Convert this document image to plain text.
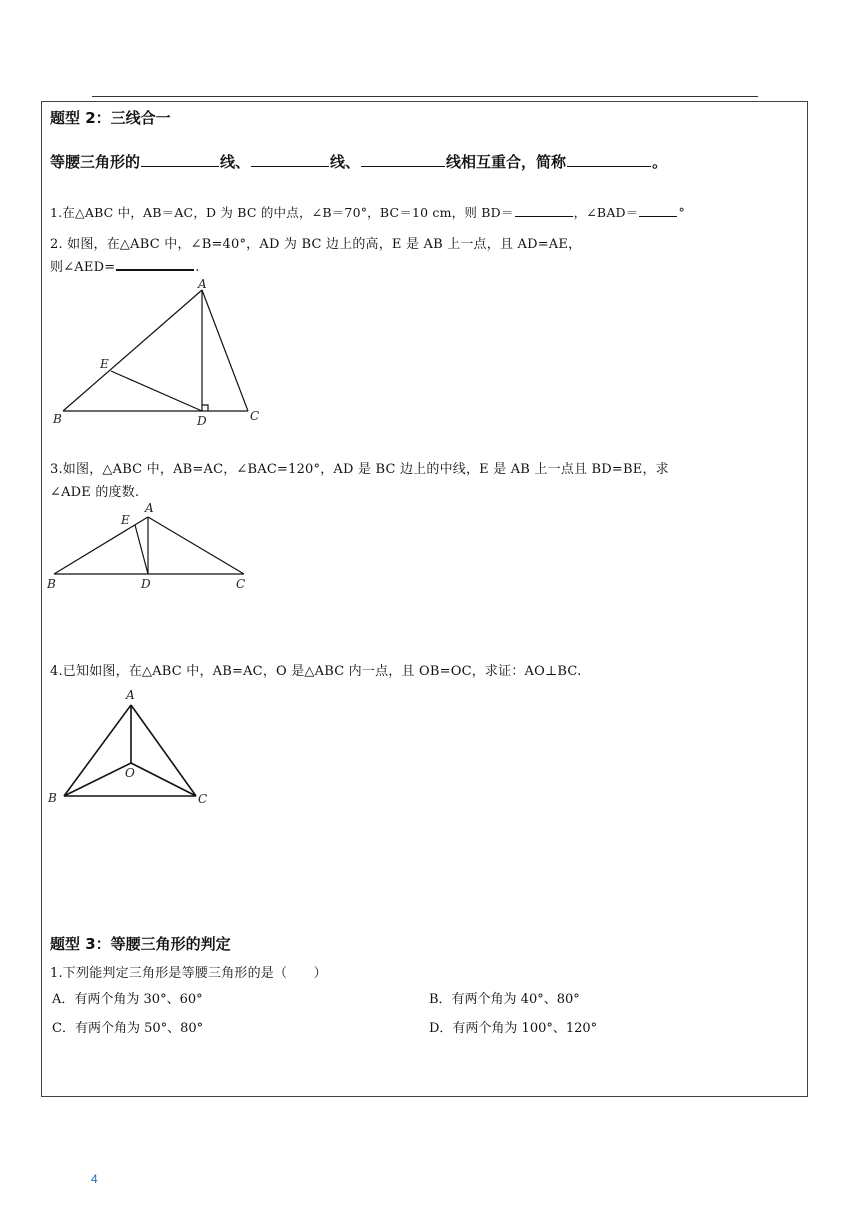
题型 2：三线合一
等腰三角形的	线、	线、	线相互重合，简称	。
1.在△ABC 中，AB＝AC，D 为 BC 的中点，∠B＝70°，BC＝10 cm，则 BD＝	，∠BAD＝	°
2. 如图，在△ABC 中，∠B=40°，AD 为 BC 边上的高，E 是 AB 上一点，且 AD=AE，
则∠AED=	.
A
B	C
D
E
3.如图，△ABC 中，AB=AC，∠BAC=120°，AD 是 BC 边上的中线，E 是 AB 上一点且 BD=BE，求
∠ADE 的度数.
A
B	C
D
E
4.已知如图，在△ABC 中，AB=AC，O 是△ABC 内一点，且 OB=OC，求证：AO⊥BC.
A
B	C
O
题型 3：等腰三角形的判定
1.下列能判定三角形是等腰三角形的是（　　）
A．有两个角为 30°、60°	B．有两个角为 40°、80°
C．有两个角为 50°、80°	D．有两个角为 100°、120°
4
